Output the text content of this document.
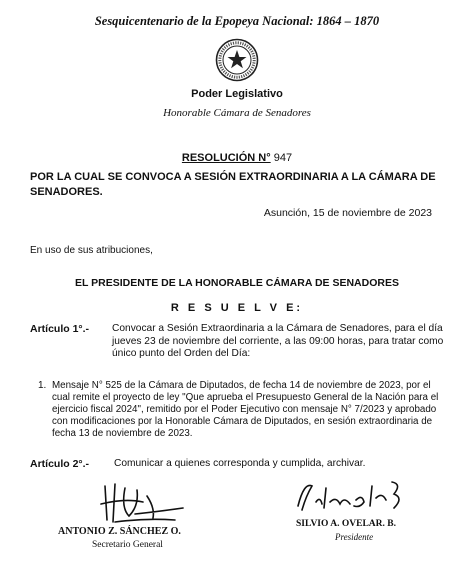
Sesquicentenario de la Epopeya Nacional: 1864 – 1870
Poder Legislativo
Honorable Cámara de Senadores
RESOLUCIÓN N° 947
POR LA CUAL SE CONVOCA A SESIÓN EXTRAORDINARIA A LA CÁMARA DE SENADORES.
Asunción, 15 de noviembre de 2023
En uso de sus atribuciones,
EL PRESIDENTE DE LA HONORABLE CÁMARA DE SENADORES
R E S U E L V E:
Artículo 1°.- Convocar a Sesión Extraordinaria a la Cámara de Senadores, para el día jueves 23 de noviembre del corriente, a las 09:00 horas, para tratar como único punto del Orden del Día:
1. Mensaje N° 525 de la Cámara de Diputados, de fecha 14 de noviembre de 2023, por el cual remite el proyecto de ley "Que aprueba el Presupuesto General de la Nación para el ejercicio fiscal 2024", remitido por el Poder Ejecutivo con mensaje N° 7/2023 y aprobado con modificaciones por la Honorable Cámara de Diputados, en sesión extraordinaria de fecha 13 de noviembre de 2023.
Artículo 2°.- Comunicar a quienes corresponda y cumplida, archivar.
ANTONIO Z. SÁNCHEZ O.
Secretario General
SILVIO A. OVELAR. B.
Presidente
